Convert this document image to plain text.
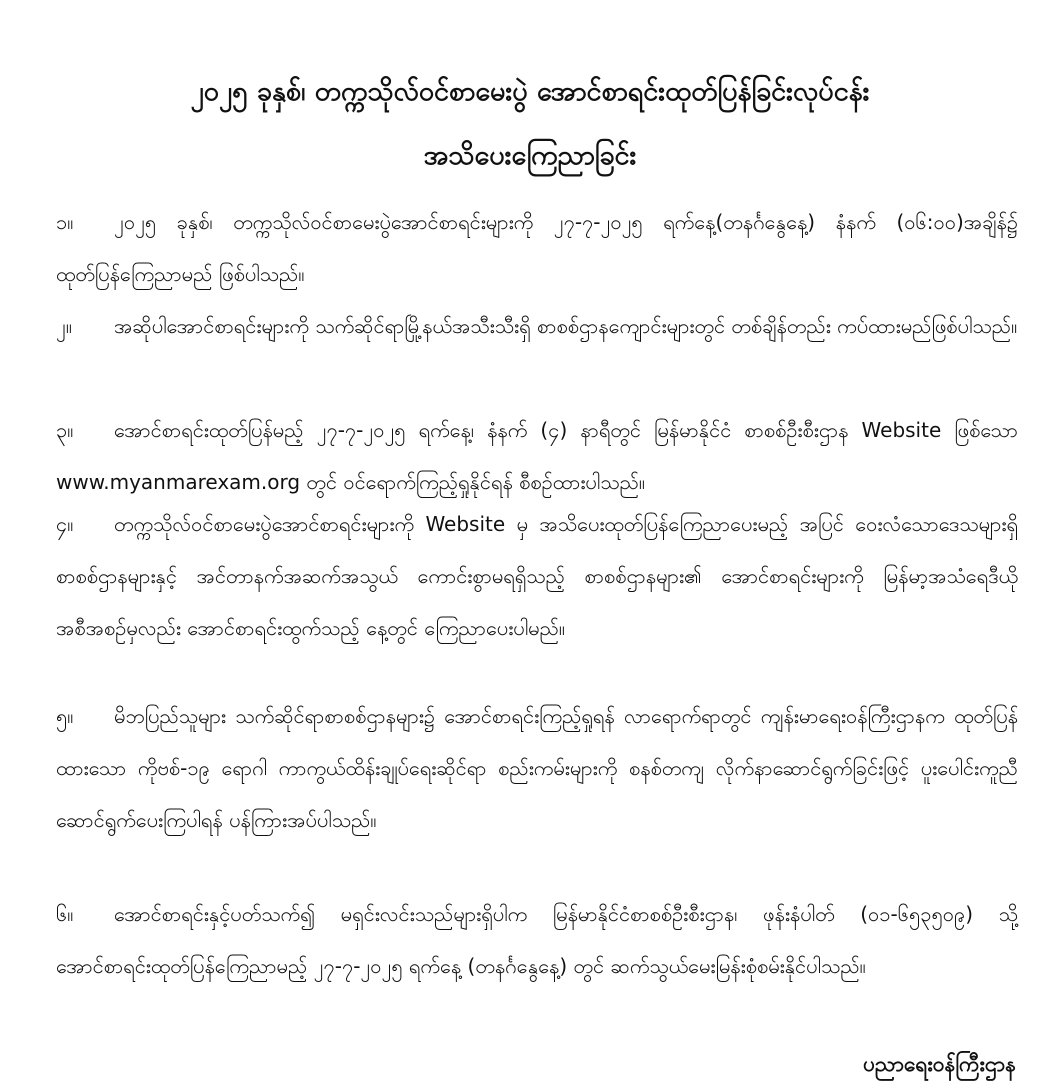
၂၀၂၅ ခုနှစ်၊ တက္ကသိုလ်ဝင်စာမေးပွဲ အောင်စာရင်းထုတ်ပြန်ခြင်းလုပ်ငန်း
အသိပေးကြေညာခြင်း
၁။ ၂၀၂၅ ခုနှစ်၊ တက္ကသိုလ်ဝင်စာမေးပွဲအောင်စာရင်းများကို ၂၇-၇-၂၀၂၅ ရက်နေ့(တနင်္ဂနွေနေ့) နံနက် (၀၆:၀၀)အချိန်၌ ထုတ်ပြန်ကြေညာမည် ဖြစ်ပါသည်။
၂။ အဆိုပါအောင်စာရင်းများကို သက်ဆိုင်ရာမြို့နယ်အသီးသီးရှိ စာစစ်ဌာနကျောင်းများတွင် တစ်ချိန်တည်း ကပ်ထားမည်ဖြစ်ပါသည်။
၃။ အောင်စာရင်းထုတ်ပြန်မည့် ၂၇-၇-၂၀၂၅ ရက်နေ့၊ နံနက် (၄) နာရီတွင် မြန်မာနိုင်ငံ စာစစ်ဦးစီးဌာန Website ဖြစ်သော www.myanmarexam.org တွင် ဝင်ရောက်ကြည့်ရှုနိုင်ရန် စီစဉ်ထားပါသည်။
၄။ တက္ကသိုလ်ဝင်စာမေးပွဲအောင်စာရင်းများကို Website မှ အသိပေးထုတ်ပြန်ကြေညာပေးမည့် အပြင် ဝေးလံသောဒေသများရှိ စာစစ်ဌာနများနှင့် အင်တာနက်အဆက်အသွယ် ကောင်းစွာမရရှိသည့် စာစစ်ဌာနများ၏ အောင်စာရင်းများကို မြန်မာ့အသံရေဒီယိုအစီအစဉ်မှလည်း အောင်စာရင်းထွက်သည့် နေ့တွင် ကြေညာပေးပါမည်။
၅။ မိဘပြည်သူများ သက်ဆိုင်ရာစာစစ်ဌာနများ၌ အောင်စာရင်းကြည့်ရှုရန် လာရောက်ရာတွင် ကျန်းမာရေးဝန်ကြီးဌာနက ထုတ်ပြန်ထားသော ကိုဗစ်-၁၉ ရောဂါ ကာကွယ်ထိန်းချုပ်ရေးဆိုင်ရာ စည်းကမ်းများကို စနစ်တကျ လိုက်နာဆောင်ရွက်ခြင်းဖြင့် ပူးပေါင်းကူညီ ဆောင်ရွက်ပေးကြပါရန် ပန်ကြားအပ်ပါသည်။
၆။ အောင်စာရင်းနှင့်ပတ်သက်၍ မရှင်းလင်းသည်များရှိပါက မြန်မာနိုင်ငံစာစစ်ဦးစီးဌာန၊ ဖုန်းနံပါတ် (၀၁-၆၅၃၅၀၉) သို့ အောင်စာရင်းထုတ်ပြန်ကြေညာမည့် ၂၇-၇-၂၀၂၅ ရက်နေ့ (တနင်္ဂနွေနေ့) တွင် ဆက်သွယ်မေးမြန်းစုံစမ်းနိုင်ပါသည်။
ပညာရေးဝန်ကြီးဌာန
